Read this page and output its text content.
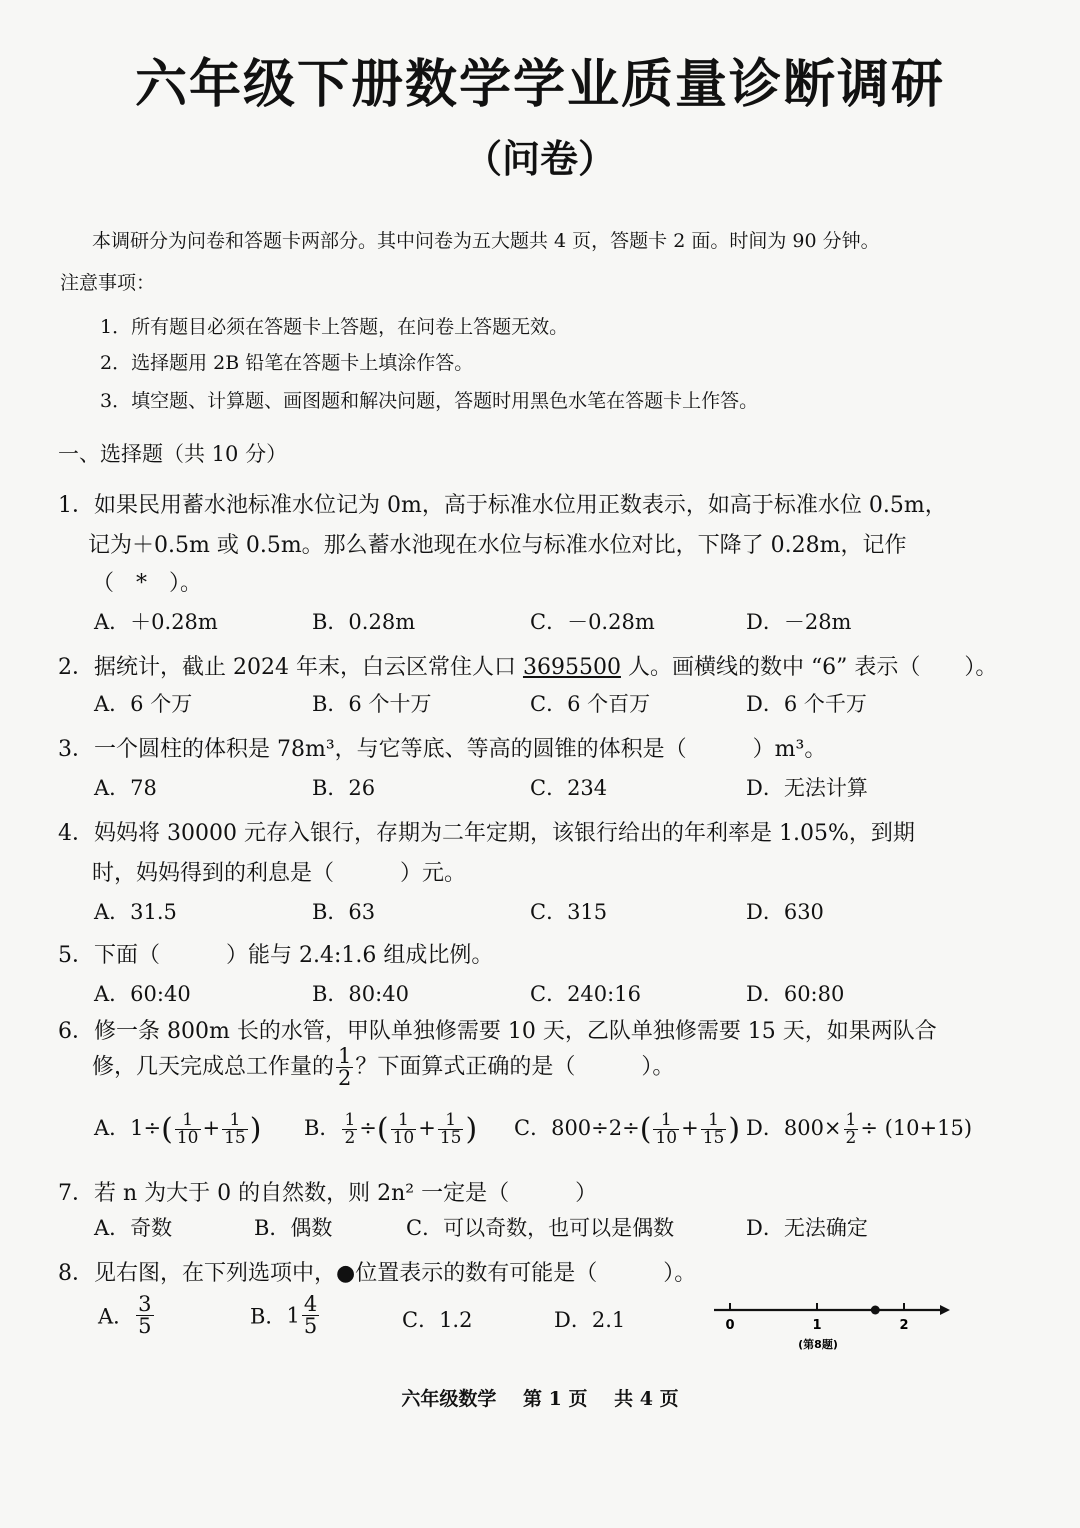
六年级下册数学学业质量诊断调研
（问卷）
本调研分为问卷和答题卡两部分。其中问卷为五大题共 4 页，答题卡 2 面。时间为 90 分钟。
注意事项：
1．所有题目必须在答题卡上答题，在问卷上答题无效。
2．选择题用 2B 铅笔在答题卡上填涂作答。
3．填空题、计算题、画图题和解决问题，答题时用黑色水笔在答题卡上作答。
一、选择题（共 10 分）
1．如果民用蓄水池标准水位记为 0m，高于标准水位用正数表示，如高于标准水位 0.5m，
记为＋0.5m 或 0.5m。那么蓄水池现在水位与标准水位对比，下降了 0.28m，记作
（　*　）。
A．＋0.28m	B．0.28m	C．－0.28m	D．－28m
2．据统计，截止 2024 年末，白云区常住人口 3695500 人。画横线的数中 “6” 表示（　　）。
A．6 个万	B．6 个十万	C．6 个百万	D．6 个千万
3．一个圆柱的体积是 78m³，与它等底、等高的圆锥的体积是（　　　）m³。
A．78	B．26	C．234	D．无法计算
4．妈妈将 30000 元存入银行，存期为二年定期，该银行给出的年利率是 1.05%，到期
时，妈妈得到的利息是（　　　）元。
A．31.5	B．63	C．315	D．630
5．下面（　　　）能与 2.4:1.6 组成比例。
A．60:40	B．80:40	C．240:16	D．60:80
6．修一条 800m 长的水管，甲队单独修需要 10 天，乙队单独修需要 15 天，如果两队合
修，几天完成总工作量的 $\frac{1}{2}$ ？下面算式正确的是（　　　）。
A．$1\div( \frac{1}{10} + \frac{1}{15}$ ) B． $\frac{1}{2}$ ÷( $\frac{1}{10} + \frac{1}{15}$ ) C．$800\div 2\div( \frac{1}{10} + \frac{1}{15}$ ) D．$800\times \frac{1}{2} \div (10+15)$
7．若 n 为大于 0 的自然数，则 2n² 一定是（　　　）
A．奇数	B．偶数	C．可以奇数，也可以是偶数	D．无法确定
8．见右图，在下列选项中，●位置表示的数有可能是（　　　）。
A． $\frac{3}{5}$	B．$1 \frac{4}{5}$	C．1.2	D．2.1	0	1	2
(第8题)
六年级数学 第 1 页 共 4 页
